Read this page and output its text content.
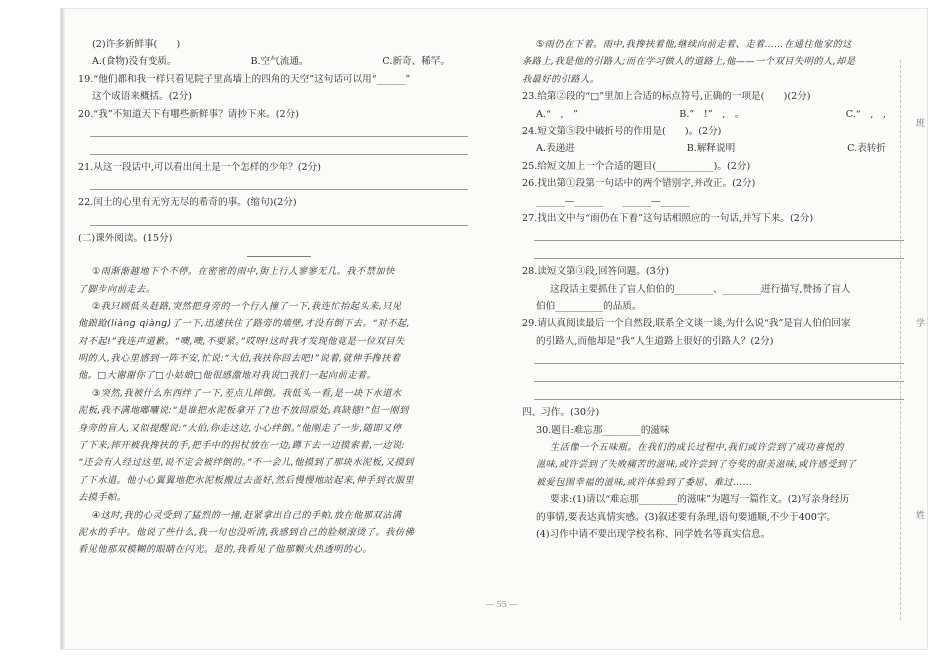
(2)许多新鲜事(　　)
A.(食物)没有变质。	B.空气流通。	C.新奇、稀罕。
19.“他们都和我一样只看见院子里高墙上的四角的天空”这句话可以用“______”
这个成语来概括。(2分)
20.“我”不知道天下有哪些新鲜事？请抄下来。(2分)
21.从这一段话中,可以看出闰土是一个怎样的少年？(2分)
22.闰土的心里有无穷无尽的希奇的事。(缩句)(2分)
(二)课外阅读。(15分)
①雨渐渐越地下个不停。在密密的雨中,街上行人寥寥无几。我不禁加快
了脚步向前走去。
②我只顾低头赶路,突然把身旁的一个行人撞了一下,我连忙抬起头来,只见
他踉跄(liàng qiàng)了一下,迅速扶住了路旁的墙壁,才没有倒下去。“对不起,
对不起!”我连声道歉。“噢,噢,不要紧。”哎呀!这时我才发现他竟是一位双目失
明的人,我心里感到一阵不安,忙说:“大伯,我扶你回去吧!”说着,就伸手搀扶着
他。□大谢谢你了□小姑娘□他很感激地对我说□我们一起向前走着。
③突然,我被什么东西绊了一下,差点儿摔倒。我低头一看,是一块下水道水
泥板,我不满地嘟囔说:“是谁把水泥板拿开了?也不放回原处,真缺德!”但一刚到
身旁的盲人,又似提醒说:“大伯,你走这边,小心绊倒。”他刚走了一步,随即又停
了下来,摔开被我搀扶的手,把手中的拐杖放在一边,蹲下去一边摸索着,一边说:
“还会有人经过这里,说不定会被绊倒的。”不一会儿,他摸到了那块水泥板,又摸到
了下水道。他小心翼翼地把水泥板搬过去盖好,然后慢慢地站起来,伸手到衣服里
去摸手帕。
④这时,我的心灵受到了猛烈的一撞,赶紧拿出自己的手帕,放在他那双沾满
泥水的手中。他说了些什么,我一句也没听清,我感到自己的脸颊滚烫了。我仿佛
看见他那双模糊的眼睛在闪光。是的,我看见了他那颗火热透明的心。
⑤雨仍在下着。雨中,我搀扶着他,继续向前走着、走着……在通往他家的这
条路上,我是他的引路人;而在学习做人的道路上,他——一个双目失明的人,却是
我最好的引路人。
23.给第②段的“□”里加上合适的标点符号,正确的一项是(　　)(2分)
A.“　,　”	B.”　!”　,　。	C.“　,　,
24.短文第⑤段中破折号的作用是(　　)。(2分)
A.表递进	B.解释说明	C.表转折
25.给短文加上一个合适的题目(____________)。(2分)
26.找出第①段第一句话中的两个错别字,并改正。(2分)
______—______　　______—______
27.找出文中与“雨仍在下着”这句话相照应的一句话,并写下来。(2分)
28.读短文第③段,回答问题。(3分)
这段话主要抓住了盲人伯伯的________、________进行描写,赞扬了盲人
伯伯__________的品质。
29.请认真阅读最后一个自然段,联系全文谈一谈,为什么说“我”是盲人伯伯回家
的引路人,而他却是“我”人生道路上很好的引路人？(2分)
四、习作。(30分)
30.题目:难忘那________的滋味
生活像一个五味瓶。在我们的成长过程中,我们或许尝到了成功喜悦的
滋味,或许尝到了失败痛苦的滋味,或许尝到了夸奖的甜美滋味,或许感受到了
被爱包围幸福的滋味,或许体验到了委屈、难过……
要求:(1)请以“难忘那________的滋味”为题写一篇作文。(2)写亲身经历
的事情,要表达真情实感。(3)叙述要有条理,语句要通顺,不少于400字。
(4)习作中请不要出现学校名称、同学姓名等真实信息。
班
学
姓
— 55 —
